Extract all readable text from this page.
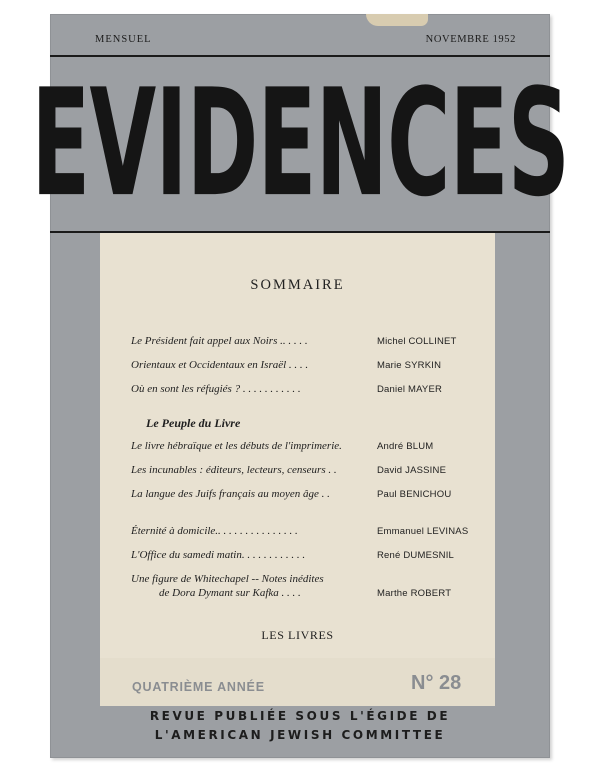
MENSUEL	NOVEMBRE 1952
EVIDENCES
SOMMAIRE
Le Président fait appel aux Noirs .. . . . .	Michel COLLINET
Orientaux et Occidentaux en Israël . . . .	Marie SYRKIN
Où en sont les réfugiés ? . . . . . . . . . . .	Daniel MAYER
Le Peuple du Livre
Le livre hébraïque et les débuts de l'imprimerie.	André BLUM
Les incunables : éditeurs, lecteurs, censeurs . .	David JASSINE
La langue des Juifs français au moyen âge . .	Paul BENICHOU
Éternité à domicile.. . . . . . . . . . . . . . .	Emmanuel LEVINAS
L'Office du samedi matin. . . . . . . . . . . .	René DUMESNIL
Une figure de Whitechapel -- Notes inédites
de Dora Dymant sur Kafka . . . .	Marthe ROBERT
LES LIVRES
QUATRIÈME ANNÉE	N° 28
REVUE PUBLIÉE SOUS L'ÉGIDE DE
L'AMERICAN JEWISH COMMITTEE
